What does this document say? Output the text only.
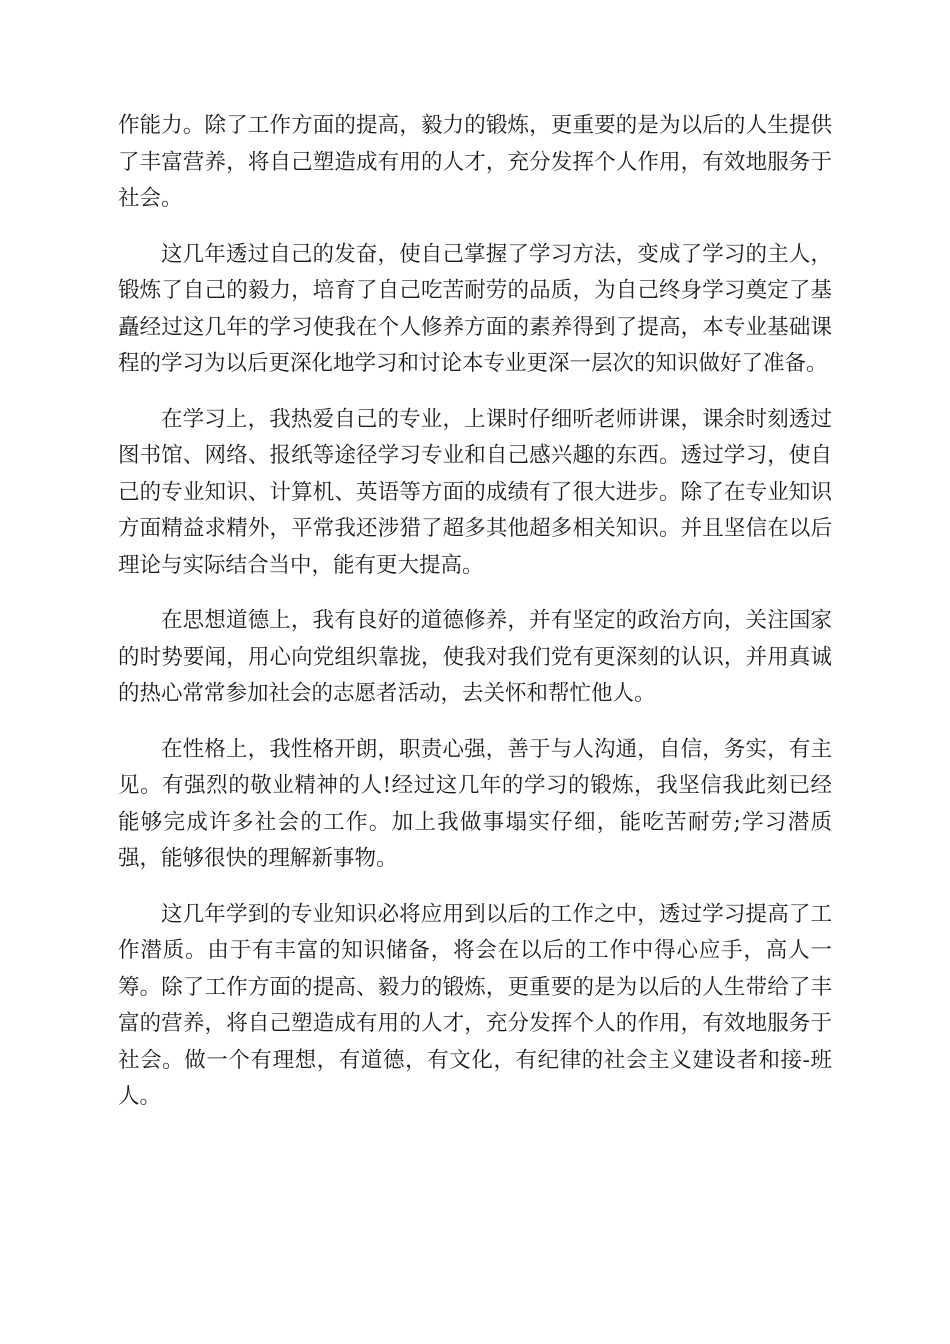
作能力。除了工作方面的提高，毅力的锻炼，更重要的是为以后的人生提供了丰富营养，将自己塑造成有用的人才，充分发挥个人作用，有效地服务于社会。

这几年透过自己的发奋，使自己掌握了学习方法，变成了学习的主人，锻炼了自己的毅力，培育了自己吃苦耐劳的品质，为自己终身学习奠定了基矗经过这几年的学习使我在个人修养方面的素养得到了提高，本专业基础课程的学习为以后更深化地学习和讨论本专业更深一层次的知识做好了准备。

在学习上，我热爱自己的专业，上课时仔细听老师讲课，课余时刻透过图书馆、网络、报纸等途径学习专业和自己感兴趣的东西。透过学习，使自己的专业知识、计算机、英语等方面的成绩有了很大进步。除了在专业知识方面精益求精外，平常我还涉猎了超多其他超多相关知识。并且坚信在以后理论与实际结合当中，能有更大提高。

在思想道德上，我有良好的道德修养，并有坚定的政治方向，关注国家的时势要闻，用心向党组织靠拢，使我对我们党有更深刻的认识，并用真诚的热心常常参加社会的志愿者活动，去关怀和帮忙他人。

在性格上，我性格开朗，职责心强，善于与人沟通，自信，务实，有主见。有强烈的敬业精神的人!经过这几年的学习的锻炼，我坚信我此刻已经能够完成许多社会的工作。加上我做事塌实仔细，能吃苦耐劳;学习潜质强，能够很快的理解新事物。

这几年学到的专业知识必将应用到以后的工作之中，透过学习提高了工作潜质。由于有丰富的知识储备，将会在以后的工作中得心应手，高人一筹。除了工作方面的提高、毅力的锻炼，更重要的是为以后的人生带给了丰富的营养，将自己塑造成有用的人才，充分发挥个人的作用，有效地服务于社会。做一个有理想，有道德，有文化，有纪律的社会主义建设者和接-班人。
